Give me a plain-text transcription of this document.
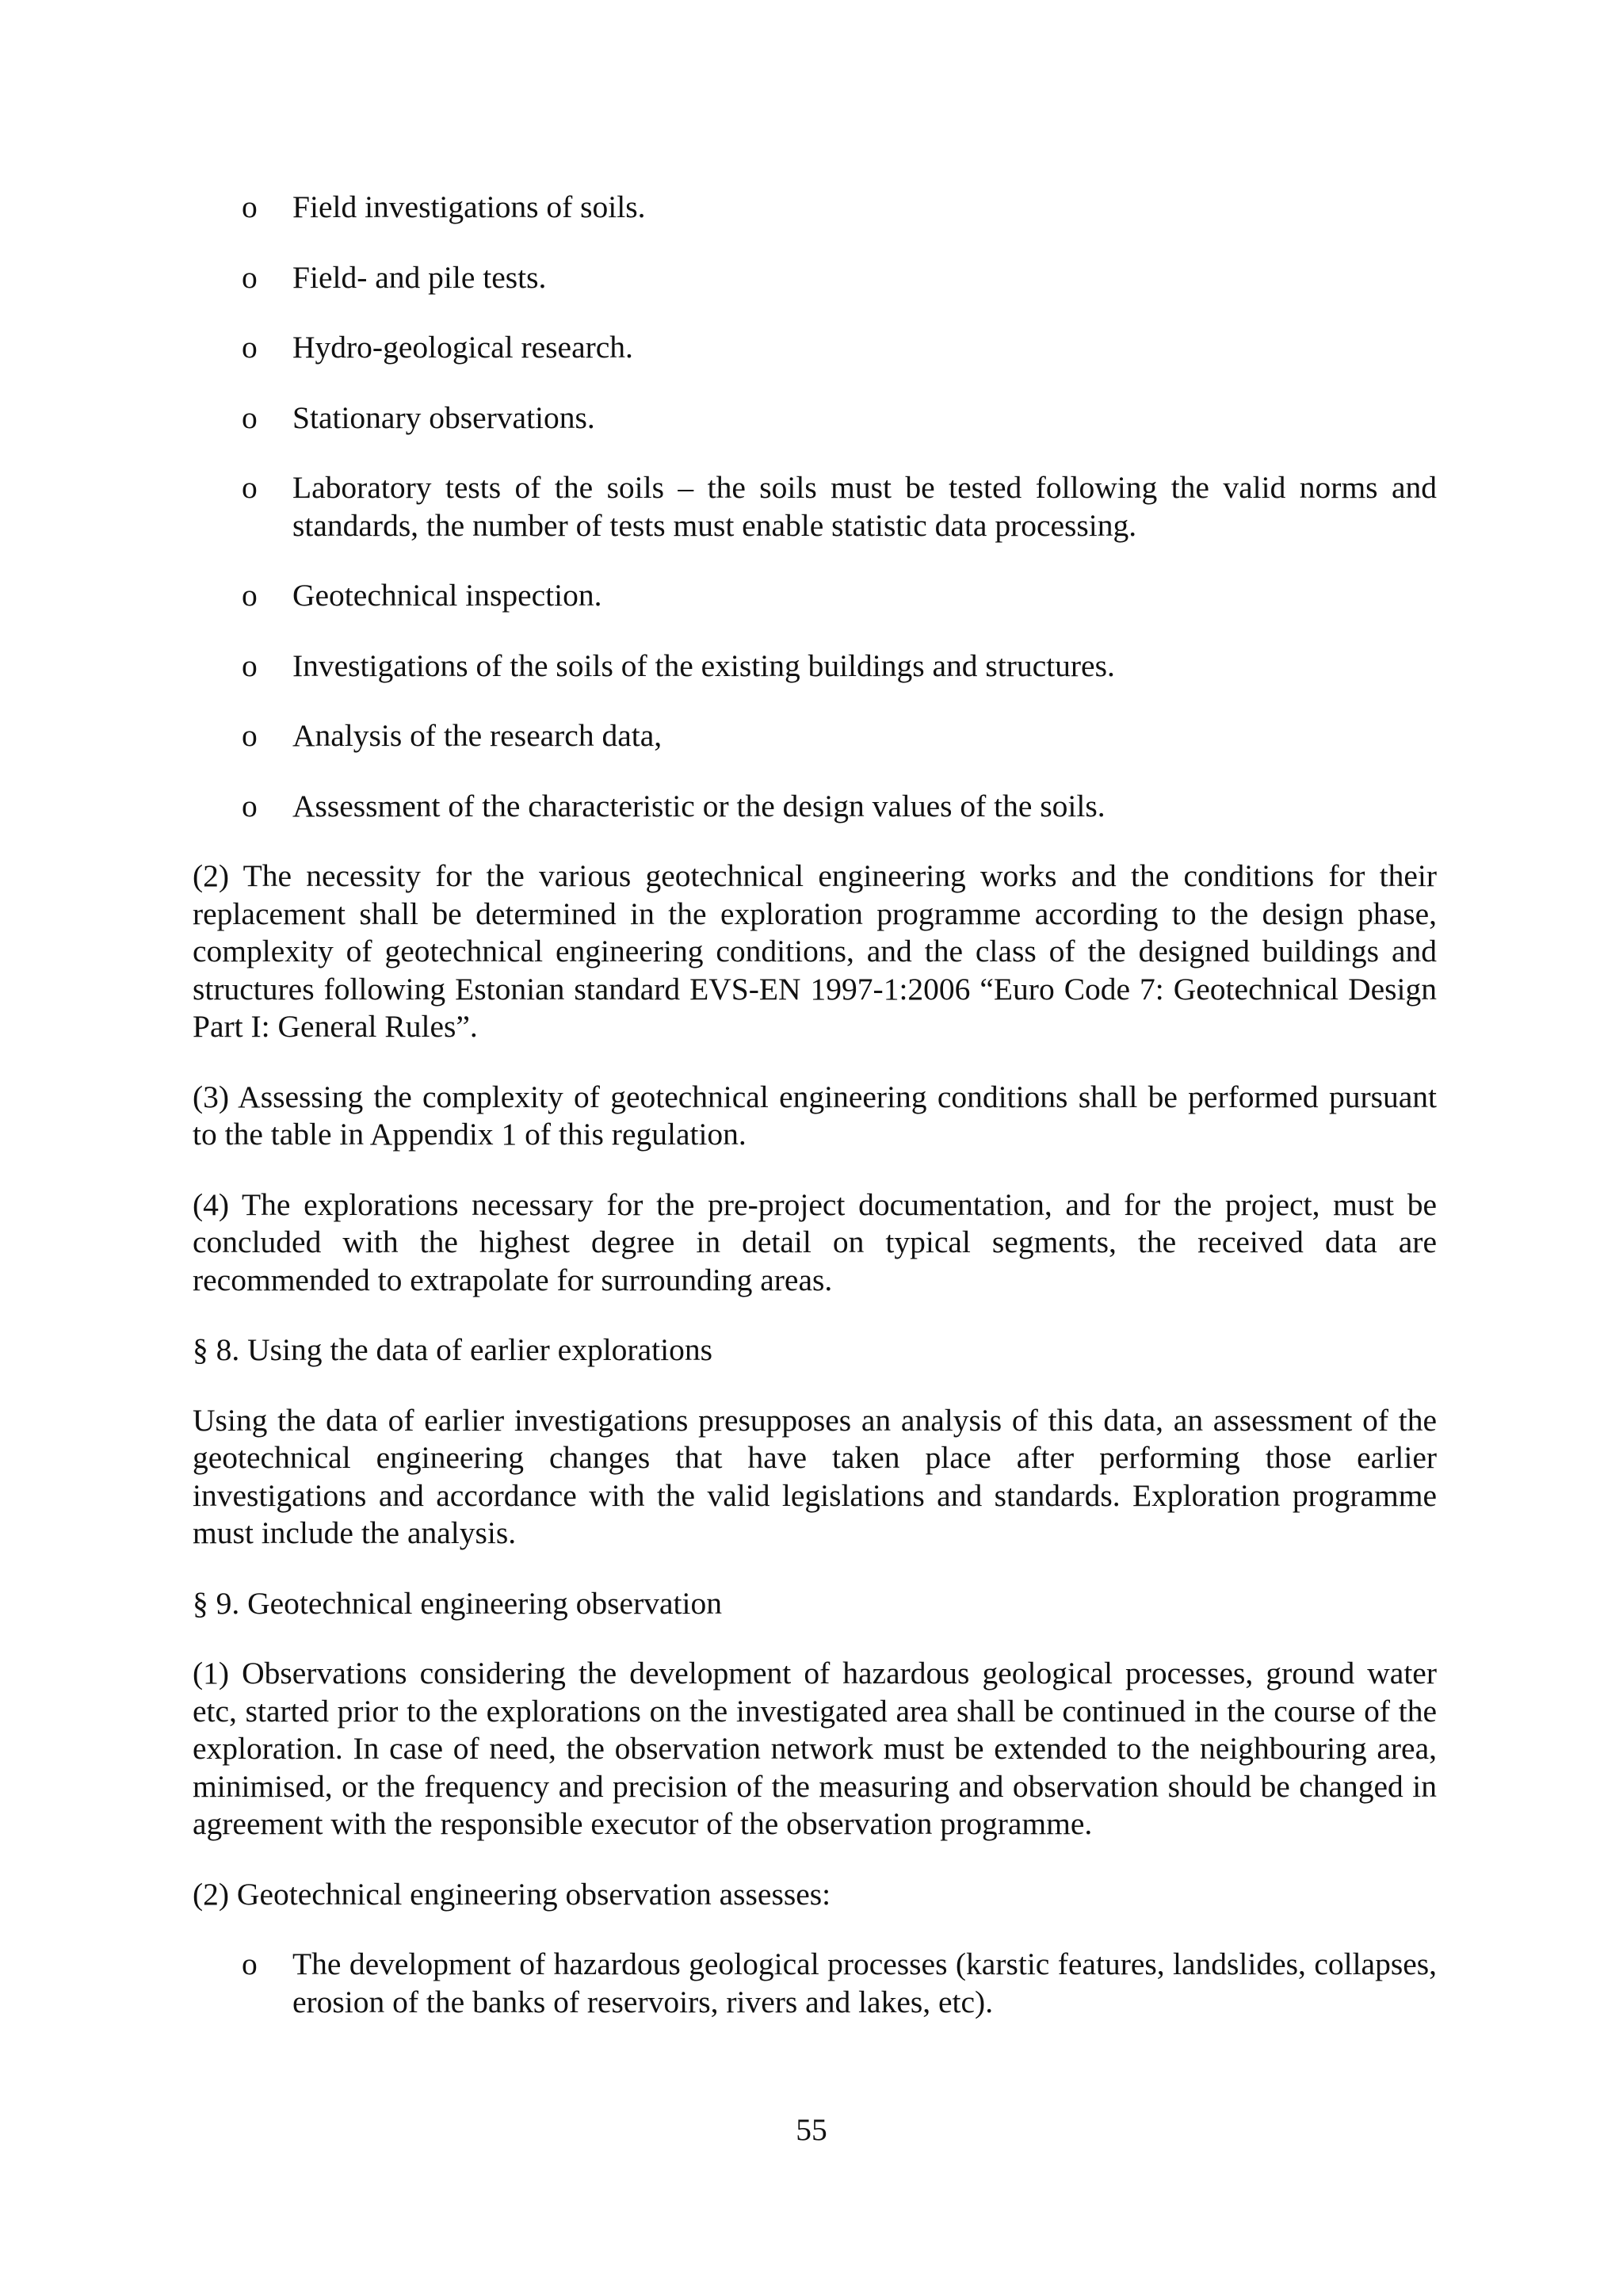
o Field investigations of soils.
o Field- and pile tests.
o Hydro-geological research.
o Stationary observations.
o Laboratory tests of the soils – the soils must be tested following the valid norms and standards, the number of tests must enable statistic data processing.
o Geotechnical inspection.
o Investigations of the soils of the existing buildings and structures.
o Analysis of the research data,
o Assessment of the characteristic or the design values of the soils.

(2) The necessity for the various geotechnical engineering works and the conditions for their replacement shall be determined in the exploration programme according to the design phase, complexity of geotechnical engineering conditions, and the class of the designed buildings and structures following Estonian standard EVS-EN 1997-1:2006 “Euro Code 7: Geotechnical Design Part I: General Rules”.

(3) Assessing the complexity of geotechnical engineering conditions shall be performed pursuant to the table in Appendix 1 of this regulation.

(4) The explorations necessary for the pre-project documentation, and for the project, must be concluded with the highest degree in detail on typical segments, the received data are recommended to extrapolate for surrounding areas.

§ 8. Using the data of earlier explorations

Using the data of earlier investigations presupposes an analysis of this data, an assessment of the geotechnical engineering changes that have taken place after performing those earlier investigations and accordance with the valid legislations and standards. Exploration programme must include the analysis.

§ 9. Geotechnical engineering observation

(1) Observations considering the development of hazardous geological processes, ground water etc, started prior to the explorations on the investigated area shall be continued in the course of the exploration. In case of need, the observation network must be extended to the neighbouring area, minimised, or the frequency and precision of the measuring and observation should be changed in agreement with the responsible executor of the observation programme.

(2) Geotechnical engineering observation assesses:

o The development of hazardous geological processes (karstic features, landslides, collapses, erosion of the banks of reservoirs, rivers and lakes, etc).
55
